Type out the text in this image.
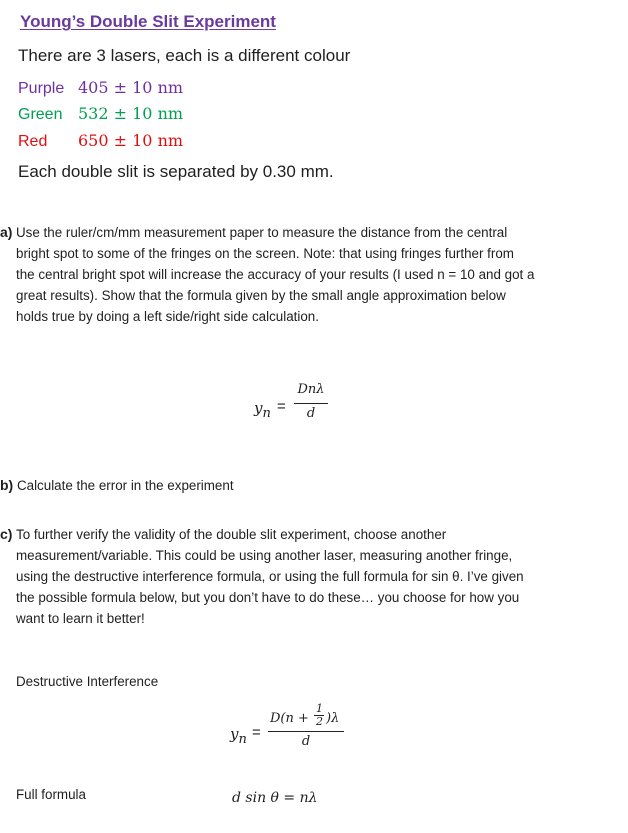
Young’s Double Slit Experiment
There are 3 lasers, each is a different colour
Purple 405 ± 10 nm
Green 532 ± 10 nm
Red 650 ± 10 nm
Each double slit is separated by 0.30 mm.
a) Use the ruler/cm/mm measurement paper to measure the distance from the central
bright spot to some of the fringes on the screen. Note: that using fringes further from
the central bright spot will increase the accuracy of your results (I used n = 10 and got a
great results). Show that the formula given by the small angle approximation below
holds true by doing a left side/right side calculation.
$y_n$ =
Dnλ
d
b) Calculate the error in the experiment
c) To further verify the validity of the double slit experiment, choose another
measurement/variable. This could be using another laser, measuring another fringe,
using the destructive interference formula, or using the full formula for sin θ. I’ve given
the possible formula below, but you don’t have to do these… you choose for how you
want to learn it better!
Destructive Interference
$y_n$ =
D(n +
1
2 )λ
d
Full formula	d sin θ = nλ
